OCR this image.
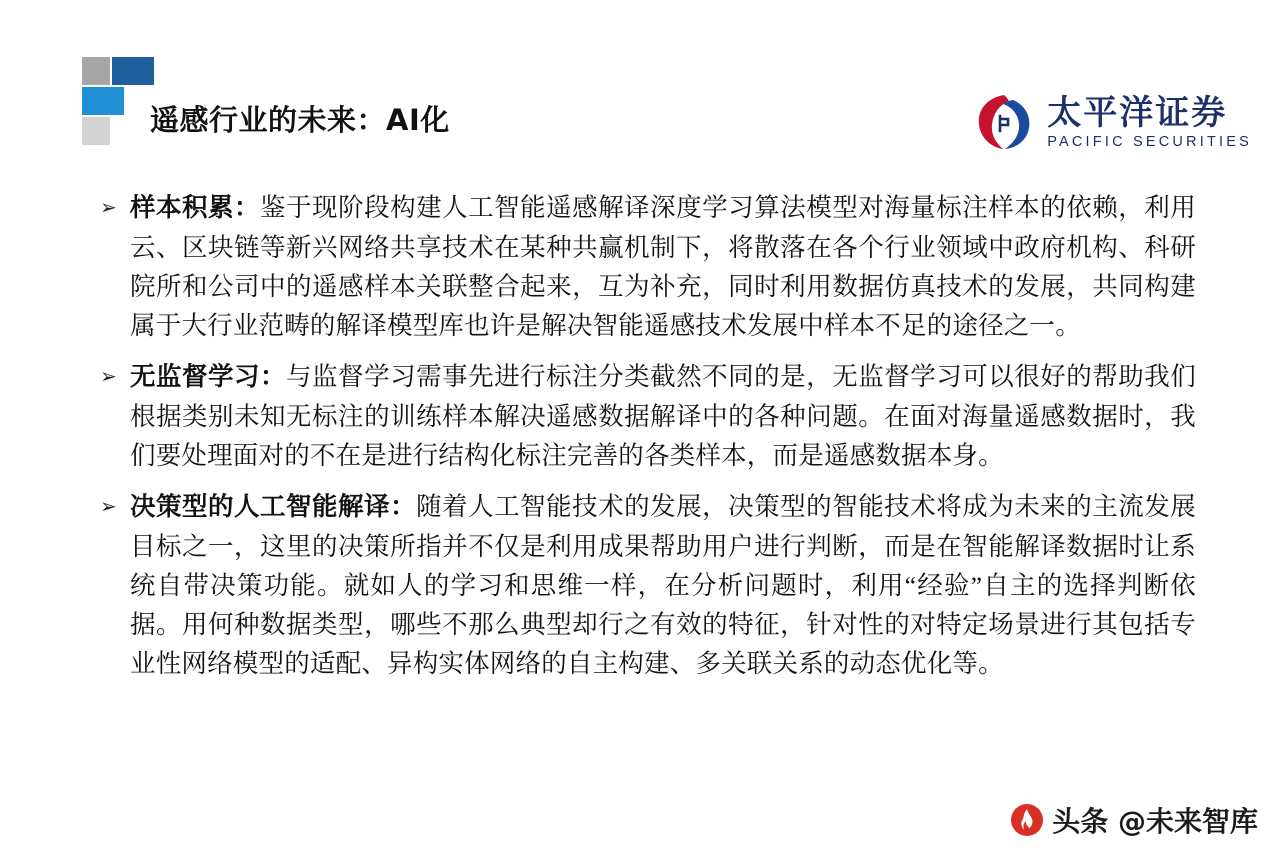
遥感行业的未来：AI化	太平洋证券
PACIFIC SECURITIES
➢ 样本积累：鉴于现阶段构建人工智能遥感解译深度学习算法模型对海量标注样本的依赖，利用云、区块链等新兴网络共享技术在某种共赢机制下，将散落在各个行业领域中政府机构、科研院所和公司中的遥感样本关联整合起来，互为补充，同时利用数据仿真技术的发展，共同构建属于大行业范畴的解译模型库也许是解决智能遥感技术发展中样本不足的途径之一。
➢ 无监督学习：与监督学习需事先进行标注分类截然不同的是，无监督学习可以很好的帮助我们根据类别未知无标注的训练样本解决遥感数据解译中的各种问题。在面对海量遥感数据时，我们要处理面对的不在是进行结构化标注完善的各类样本，而是遥感数据本身。
➢ 决策型的人工智能解译：随着人工智能技术的发展，决策型的智能技术将成为未来的主流发展目标之一，这里的决策所指并不仅是利用成果帮助用户进行判断，而是在智能解译数据时让系统自带决策功能。就如人的学习和思维一样，在分析问题时，利用“经验”自主的选择判断依据。用何种数据类型，哪些不那么典型却行之有效的特征，针对性的对特定场景进行其包括专业性网络模型的适配、异构实体网络的自主构建、多关联关系的动态优化等。
头条 @未来智库
